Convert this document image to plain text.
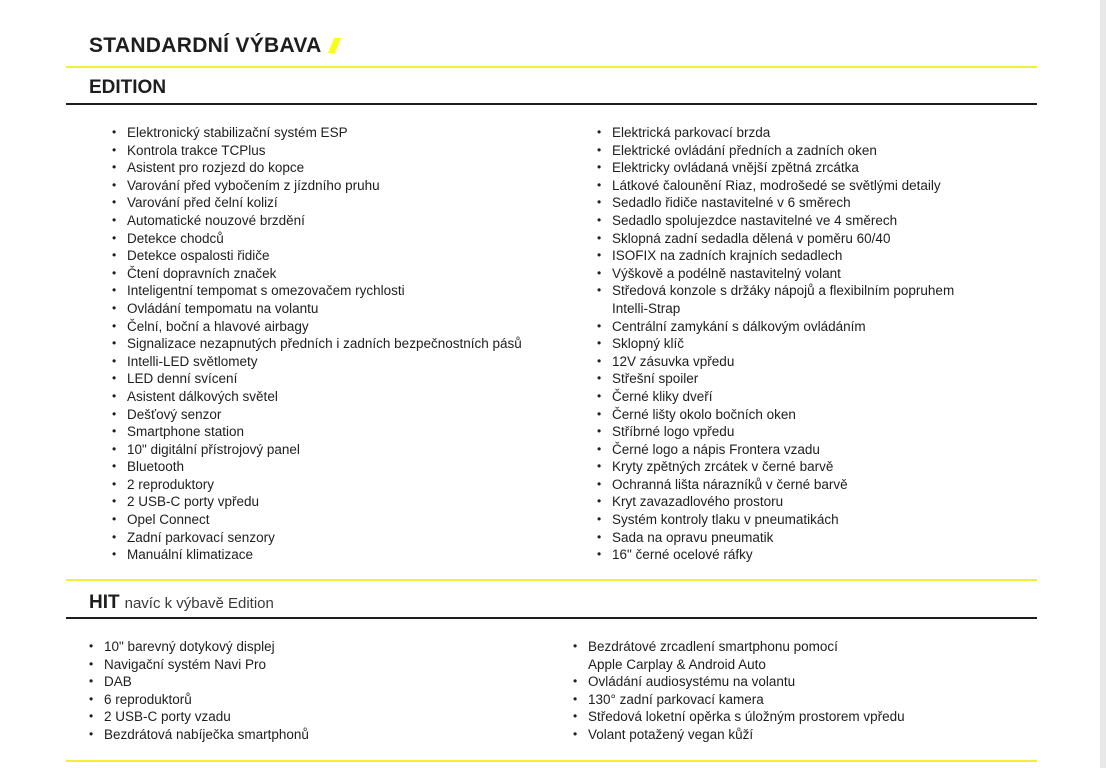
STANDARDNÍ VÝBAVA
EDITION
• Elektronický stabilizační systém ESP
• Kontrola trakce TCPlus
• Asistent pro rozjezd do kopce
• Varování před vybočením z jízdního pruhu
• Varování před čelní kolizí
• Automatické nouzové brzdění
• Detekce chodců
• Detekce ospalosti řidiče
• Čtení dopravních značek
• Inteligentní tempomat s omezovačem rychlosti
• Ovládání tempomatu na volantu
• Čelní, boční a hlavové airbagy
• Signalizace nezapnutých předních i zadních bezpečnostních pásů
• Intelli-LED světlomety
• LED denní svícení
• Asistent dálkových světel
• Dešťový senzor
• Smartphone station
• 10" digitální přístrojový panel
• Bluetooth
• 2 reproduktory
• 2 USB-C porty vpředu
• Opel Connect
• Zadní parkovací senzory
• Manuální klimatizace
• Elektrická parkovací brzda
• Elektrické ovládání předních a zadních oken
• Elektricky ovládaná vnější zpětná zrcátka
• Látkové čalounění Riaz, modrošedé se světlými detaily
• Sedadlo řidiče nastavitelné v 6 směrech
• Sedadlo spolujezdce nastavitelné ve 4 směrech
• Sklopná zadní sedadla dělená v poměru 60/40
• ISOFIX na zadních krajních sedadlech
• Výškově a podélně nastavitelný volant
• Středová konzole s držáky nápojů a flexibilním popruhem
Intelli-Strap
• Centrální zamykání s dálkovým ovládáním
• Sklopný klíč
• 12V zásuvka vpředu
• Střešní spoiler
• Černé kliky dveří
• Černé lišty okolo bočních oken
• Stříbrné logo vpředu
• Černé logo a nápis Frontera vzadu
• Kryty zpětných zrcátek v černé barvě
• Ochranná lišta nárazníků v černé barvě
• Kryt zavazadlového prostoru
• Systém kontroly tlaku v pneumatikách
• Sada na opravu pneumatik
• 16" černé ocelové ráfky
HIT navíc k výbavě Edition
• 10" barevný dotykový displej
• Navigační systém Navi Pro
• DAB
• 6 reproduktorů
• 2 USB-C porty vzadu
• Bezdrátová nabíječka smartphonů
• Bezdrátové zrcadlení smartphonu pomocí
Apple Carplay & Android Auto
• Ovládání audiosystému na volantu
• 130° zadní parkovací kamera
• Středová loketní opěrka s úložným prostorem vpředu
• Volant potažený vegan kůží
